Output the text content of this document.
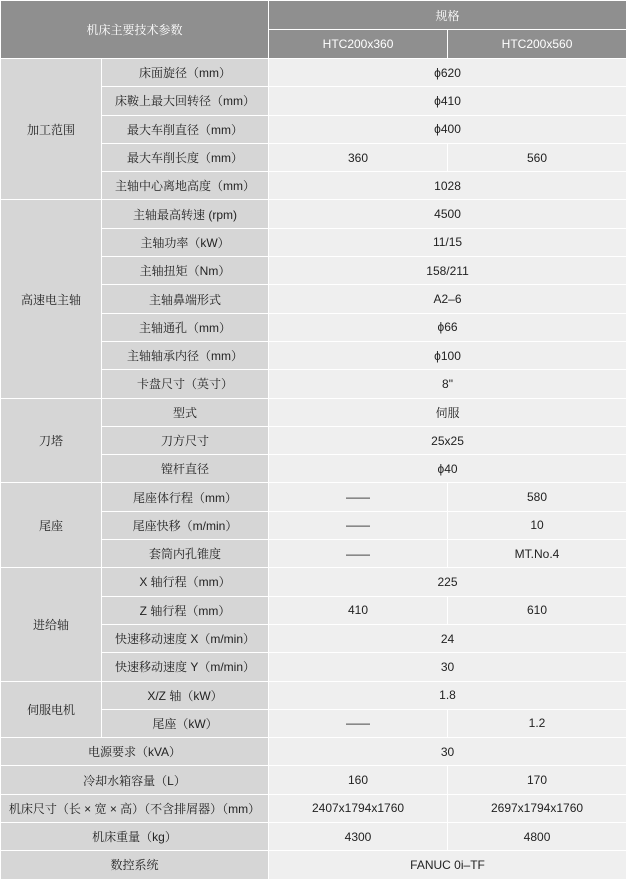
机床主要技术参数		规格	
		HTC200x360	HTC200x560
加工范围	床面旋径（mm）	ϕ620	
	床鞍上最大回转径（mm）	ϕ410	
	最大车削直径（mm）	ϕ400	
	最大车削长度（mm）	360	560
	主轴中心离地高度（mm）	1028	
高速电主轴	主轴最高转速 (rpm)	4500	
	主轴功率（kW）	11/15	
	主轴扭矩（Nm）	158/211	
	主轴鼻端形式	A2–6	
	主轴通孔（mm）	ϕ66	
	主轴轴承内径（mm）	ϕ100	
	卡盘尺寸（英寸）	8"	
刀塔	型式	伺服	
	刀方尺寸	25x25	
	镗杆直径	ϕ40	
尾座	尾座体行程（mm）	——	580
	尾座快移（m/min）	——	10
	套筒内孔锥度	——	MT.No.4
进给轴	X 轴行程（mm）	225	
	Z 轴行程（mm）	410	610
	快速移动速度 X（m/min）	24	
	快速移动速度 Y（m/min）	30	
伺服电机	X/Z 轴（kW）	1.8	
	尾座（kW）	——	1.2
电源要求（kVA）		30	
冷却水箱容量（L）		160	170
机床尺寸（长 × 宽 × 高）（不含排屑器）（mm）		2407x1794x1760	2697x1794x1760
机床重量（kg）		4300	4800
数控系统		FANUC 0i–TF	
